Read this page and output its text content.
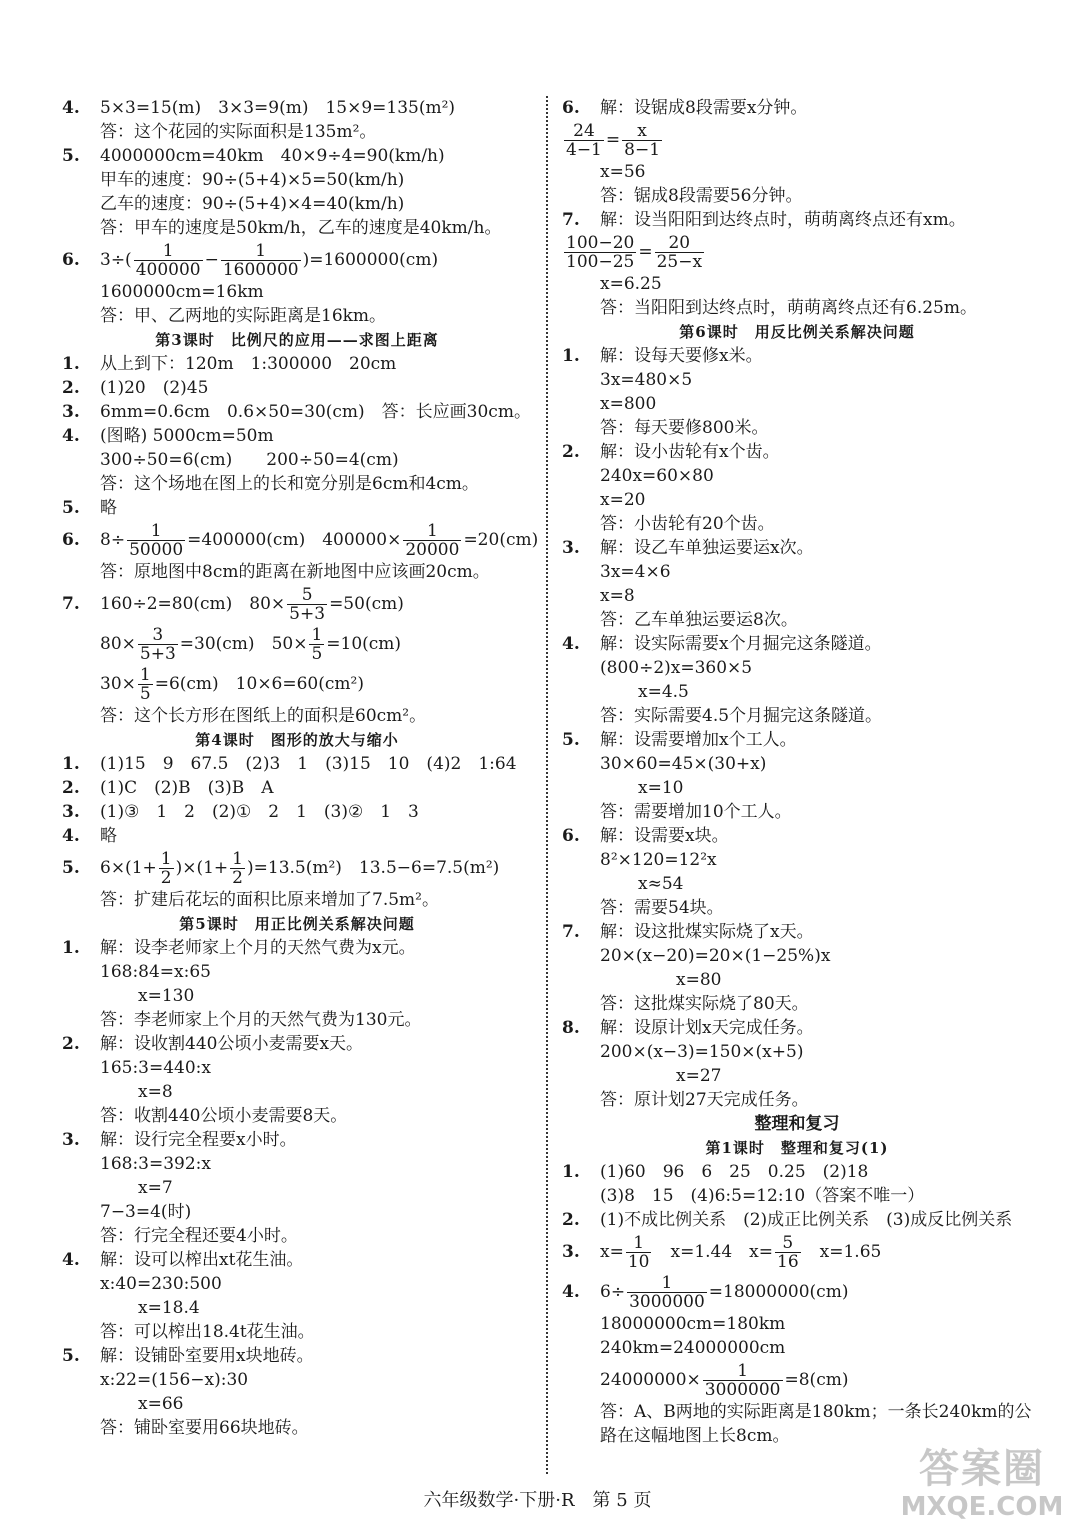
4. 5×3=15(m)　3×3=9(m)　15×9=135(m²)
答：这个花园的实际面积是135m²。
5. 4000000cm=40km　40×9÷4=90(km/h)
甲车的速度：90÷(5+4)×5=50(km/h)
乙车的速度：90÷(5+4)×4=40(km/h)
答：甲车的速度是50km/h，乙车的速度是40km/h。
6. $3\div( \frac{1}{400000} - \frac{1}{1600000} )=1600000(cm)$
1600000cm=16km
答：甲、乙两地的实际距离是16km。
第3课时　比例尺的应用——求图上距离
1. 从上到下：120m　1:300000　20cm
2. (1)20　(2)45
3. 6mm=0.6cm　0.6×50=30(cm)　答：长应画30cm。
4. (图略) 5000cm=50m
300÷50=6(cm)　　200÷50=4(cm)
答：这个场地在图上的长和宽分别是6cm和4cm。
5. 略
6. $8\div \frac{1}{50000} =400000(cm)$　$400000\times \frac{1}{20000} =20(cm)$
答：原地图中8cm的距离在新地图中应该画20cm。
7. 160÷2=80(cm)　$80\times \frac{5}{5+3} =50(cm)$
$80\times \frac{3}{5+3} =30(cm)$　$50\times \frac{1}{5} =10(cm)$
$30\times \frac{1}{5} =6(cm)$　10×6=60(cm²)
答：这个长方形在图纸上的面积是60cm²。
第4课时　图形的放大与缩小
1. (1)15　9　67.5　(2)3　1　(3)15　10　(4)2　1:64
2. (1)C　(2)B　(3)B　A
3. (1)③　1　2　(2)①　2　1　(3)②　1　3
4. 略
5. $6\times(1+ \frac{1}{2} )\times(1+ \frac{1}{2} )=13.5(m^2)$　13.5−6=7.5(m²)
答：扩建后花坛的面积比原来增加了7.5m²。
第5课时　用正比例关系解决问题
1. 解：设李老师家上个月的天然气费为x元。
168:84=x:65
x=130
答：李老师家上个月的天然气费为130元。
2. 解：设收割440公顷小麦需要x天。
165:3=440:x
x=8
答：收割440公顷小麦需要8天。
3. 解：设行完全程要x小时。
168:3=392:x
x=7
7−3=4(时)
答：行完全程还要4小时。
4. 解：设可以榨出xt花生油。
x:40=230:500
x=18.4
答：可以榨出18.4t花生油。
5. 解：设铺卧室要用x块地砖。
x:22=(156−x):30
x=66
答：铺卧室要用66块地砖。
6. 解：设锯成8段需要x分钟。
$\frac{24}{4-1} = \frac{x}{8-1}$
x=56
答：锯成8段需要56分钟。
7. 解：设当阳阳到达终点时，萌萌离终点还有xm。
$\frac{100-20}{100-25} = \frac{20}{25-x}$
x=6.25
答：当阳阳到达终点时，萌萌离终点还有6.25m。
第6课时　用反比例关系解决问题
1. 解：设每天要修x米。
3x=480×5
x=800
答：每天要修800米。
2. 解：设小齿轮有x个齿。
240x=60×80
x=20
答：小齿轮有20个齿。
3. 解：设乙车单独运要运x次。
3x=4×6
x=8
答：乙车单独运要运8次。
4. 解：设实际需要x个月掘完这条隧道。
(800÷2)x=360×5
x=4.5
答：实际需要4.5个月掘完这条隧道。
5. 解：设需要增加x个工人。
30×60=45×(30+x)
x=10
答：需要增加10个工人。
6. 解：设需要x块。
8²×120=12²x
x≈54
答：需要54块。
7. 解：设这批煤实际烧了x天。
20×(x−20)=20×(1−25%)x
x=80
答：这批煤实际烧了80天。
8. 解：设原计划x天完成任务。
200×(x−3)=150×(x+5)
x=27
答：原计划27天完成任务。
整理和复习
第1课时　整理和复习(1)
1. (1)60　96　6　25　0.25　(2)18
(3)8　15　(4)6:5=12:10（答案不唯一）
2. (1)不成比例关系　(2)成正比例关系　(3)成反比例关系
3. $x= \frac{1}{10}$ 　x=1.44　$x= \frac{5}{16}$ 　x=1.65
4. $6\div \frac{1}{3000000} =18000000(cm)$
18000000cm=180km
240km=24000000cm
$24000000\times \frac{1}{3000000} =8(cm)$
答：A、B两地的实际距离是180km；一条长240km的公
路在这幅地图上长8cm。
六年级数学·下册·R　第 5 页
答案圈
MXQE.COM
